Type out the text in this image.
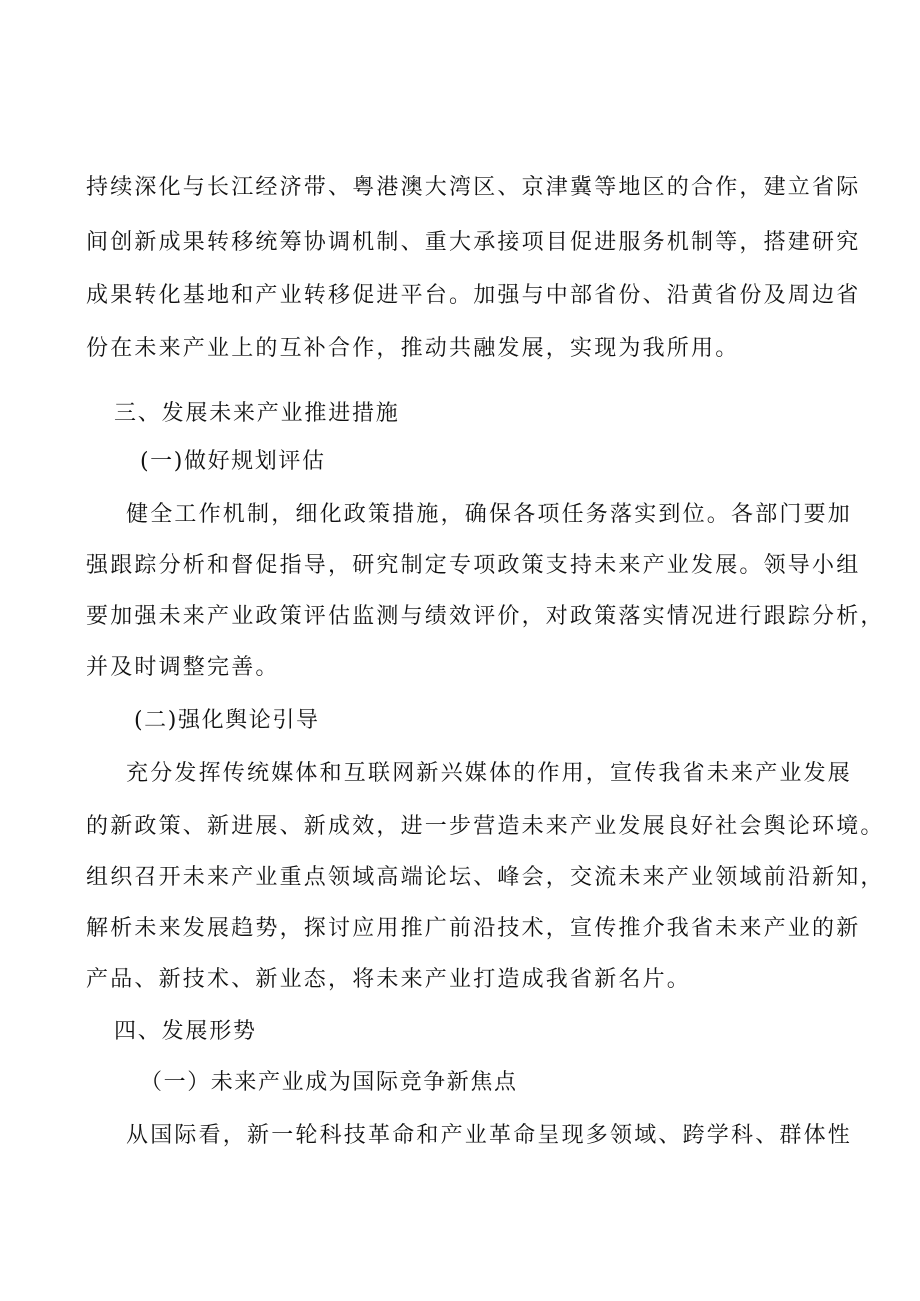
持续深化与长江经济带、粤港澳大湾区、京津冀等地区的合作，建立省际
间创新成果转移统筹协调机制、重大承接项目促进服务机制等，搭建研究
成果转化基地和产业转移促进平台。加强与中部省份、沿黄省份及周边省
份在未来产业上的互补合作，推动共融发展，实现为我所用。
三、发展未来产业推进措施
(一)做好规划评估
健全工作机制，细化政策措施，确保各项任务落实到位。各部门要加
强跟踪分析和督促指导，研究制定专项政策支持未来产业发展。领导小组
要加强未来产业政策评估监测与绩效评价，对政策落实情况进行跟踪分析，
并及时调整完善。
(二)强化舆论引导
充分发挥传统媒体和互联网新兴媒体的作用，宣传我省未来产业发展
的新政策、新进展、新成效，进一步营造未来产业发展良好社会舆论环境。
组织召开未来产业重点领域高端论坛、峰会，交流未来产业领域前沿新知，
解析未来发展趋势，探讨应用推广前沿技术，宣传推介我省未来产业的新
产品、新技术、新业态，将未来产业打造成我省新名片。
四、发展形势
（一）未来产业成为国际竞争新焦点
从国际看，新一轮科技革命和产业革命呈现多领域、跨学科、群体性
